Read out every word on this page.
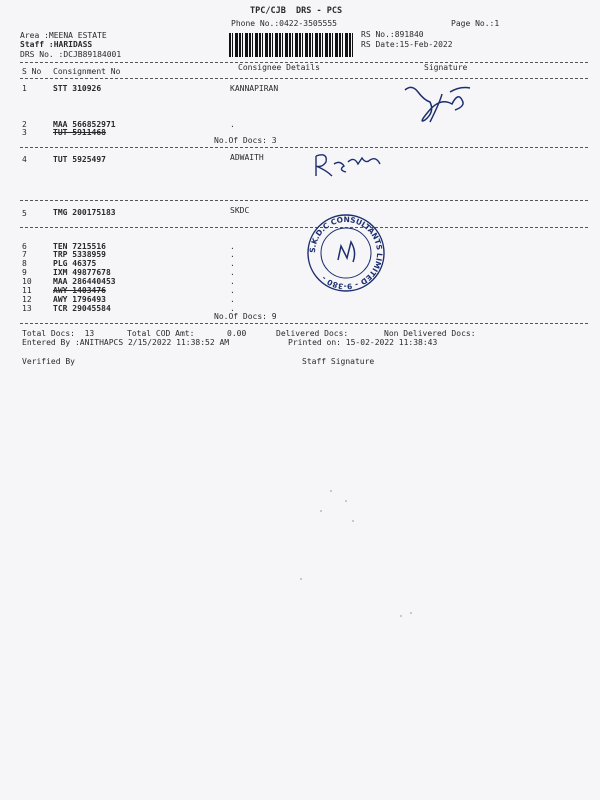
TPC/CJB  DRS - PCS
Phone No.:0422-3505555	Page No.:1
Area :MEENA ESTATE
Staff :HARIDASS
DRS No. :DCJB89184001
RS No.:891840
RS Date:15-Feb-2022
S No Consignment No	Consignee Details	Signature
1	STT 310926	KANNAPIRAN
2	MAA 566852971	.
3	TUT 5911468
No.Of Docs: 3
4	TUT 5925497	ADWAITH
5	TMG 200175183	SKDC
6	TEN 7215516	.
7	TRP 5338959	.
8	PLG 46375	.
9	IXM 49877678	.
10	MAA 286440453	.
11	AWY 1403476	.
12	AWY 1796493	.
13	TCR 29045584	.
No.Of Docs: 9
S.K.D.C CONSULTANTS LIMITED - 9-380 -
Total Docs:  13	Total COD Amt:	0.00	Delivered Docs:	Non Delivered Docs:
Entered By :ANITHAPCS 2/15/2022 11:38:52 AM	Printed on: 15-02-2022 11:38:43
Verified By	Staff Signature
